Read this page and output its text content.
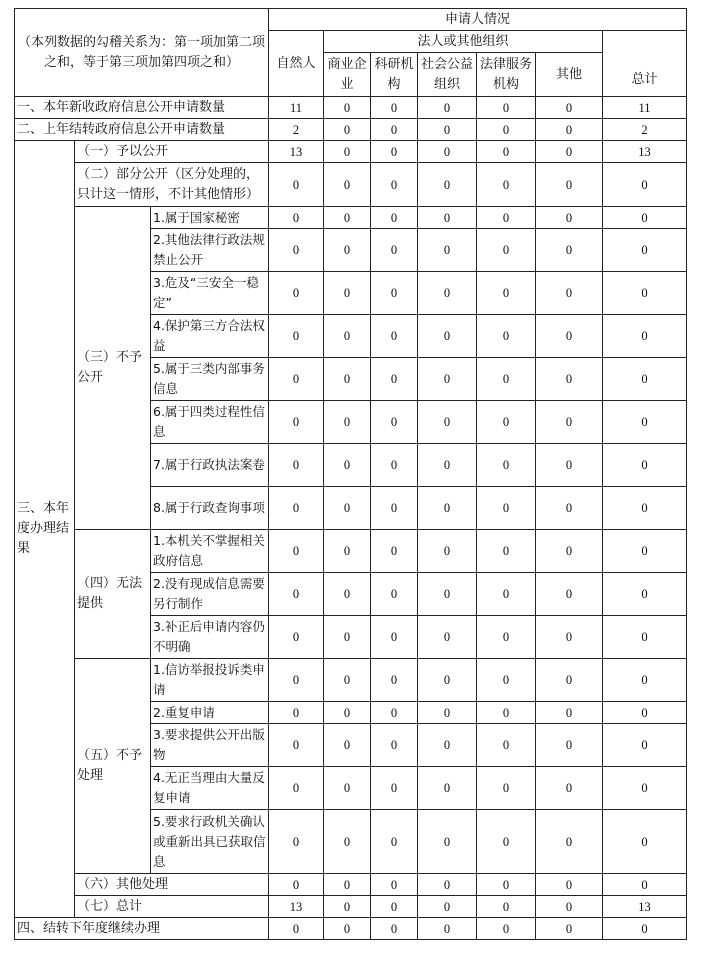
（本列数据的勾稽关系为：第一项加第二项之和，等于第三项加第四项之和）			申请人情况						
			自然人	法人或其他组织					总计
				商业企业	科研机构	社会公益组织	法律服务机构	其他	
一、本年新收政府信息公开申请数量			11	0	0	0	0	0	11
二、上年结转政府信息公开申请数量			2	0	0	0	0	0	2
三、本年度办理结果	（一）予以公开		13	0	0	0	0	0	13
	（二）部分公开（区分处理的，只计这一情形，不计其他情形）		0	0	0	0	0	0	0
	（三）不予公开	1.属于国家秘密	0	0	0	0	0	0	0
		2.其他法律行政法规禁止公开	0	0	0	0	0	0	0
		3.危及“三安全一稳定”	0	0	0	0	0	0	0
		4.保护第三方合法权益	0	0	0	0	0	0	0
		5.属于三类内部事务信息	0	0	0	0	0	0	0
		6.属于四类过程性信息	0	0	0	0	0	0	0
		7.属于行政执法案卷	0	0	0	0	0	0	0
		8.属于行政查询事项	0	0	0	0	0	0	0
	（四）无法提供	1.本机关不掌握相关政府信息	0	0	0	0	0	0	0
		2.没有现成信息需要另行制作	0	0	0	0	0	0	0
		3.补正后申请内容仍不明确	0	0	0	0	0	0	0
	（五）不予处理	1.信访举报投诉类申请	0	0	0	0	0	0	0
		2.重复申请	0	0	0	0	0	0	0
		3.要求提供公开出版物	0	0	0	0	0	0	0
		4.无正当理由大量反复申请	0	0	0	0	0	0	0
		5.要求行政机关确认或重新出具已获取信息	0	0	0	0	0	0	0
	（六）其他处理		0	0	0	0	0	0	0
	（七）总计		13	0	0	0	0	0	13
四、结转下年度继续办理			0	0	0	0	0	0	0
